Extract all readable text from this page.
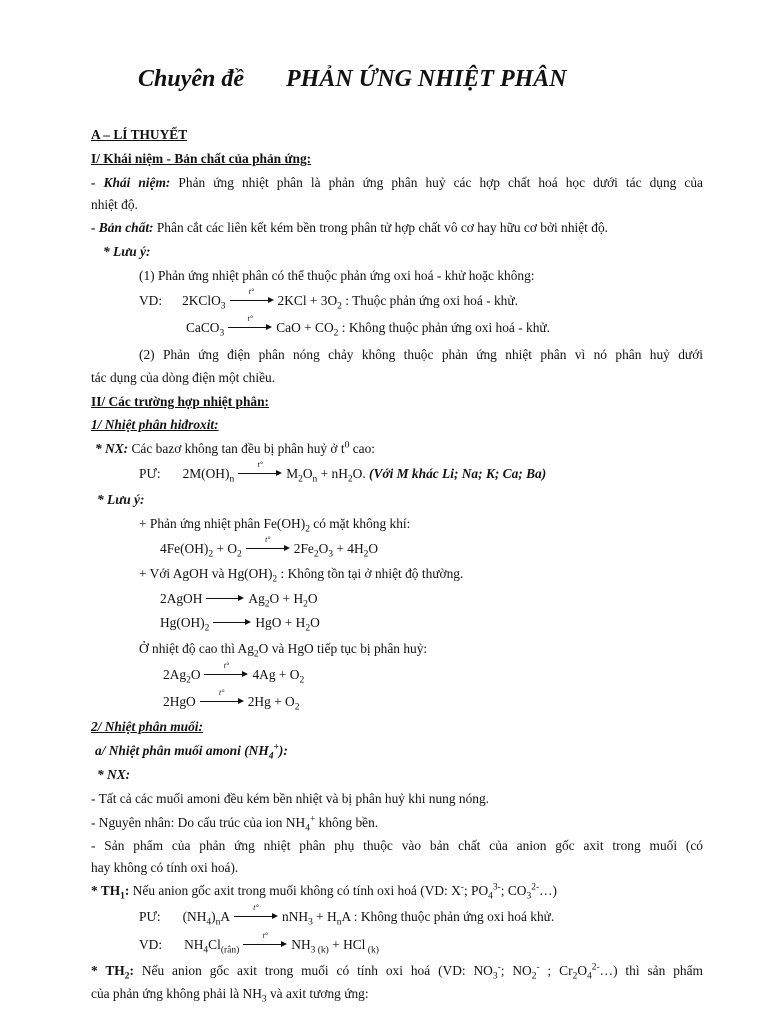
Chuyên đề PHẢN ỨNG NHIỆT PHÂN
A – LÍ THUYẾT
I/ Khái niệm - Bản chất của phản ứng:
- Khái niệm: Phản ứng nhiệt phân là phản ứng phân huỷ các hợp chất hoá học dưới tác dụng của
nhiệt độ.
- Bản chất: Phân cắt các liên kết kém bền trong phân tử hợp chất vô cơ hay hữu cơ bởi nhiệt độ.
* Lưu ý:
(1) Phản ứng nhiệt phân có thể thuộc phản ứng oxi hoá - khử hoặc không:
VD: 2KClO$_3$
t°
$2KCl + 3O_2$ : Thuộc phản ứng oxi hoá - khử.
CaCO$_3$
t°
CaO + $CO_2$ : Không thuộc phản ứng oxi hoá - khử.
(2) Phản ứng điện phân nóng chảy không thuộc phản ứng nhiệt phân vì nó phân huỷ dưới
tác dụng của dòng điện một chiều.
II/ Các trường hợp nhiệt phân:
1/ Nhiệt phân hiđroxit:
* NX: Các bazơ không tan đều bị phân huỷ ở $t^0$ cao:
PƯ: $2M(OH)_n$
t°
$M_2O_n + nH_2O$. (Với M khác Li; Na; K; Ca; Ba)
* Lưu ý:
+ Phản ứng nhiệt phân $Fe(OH)_2$ có mặt không khí:
$4Fe(OH)_2 + O_2$
t°
$2Fe_2O_3 + 4H_2O$
+ Với AgOH và $Hg(OH)_2$ : Không tồn tại ở nhiệt độ thường.
2AgOH	$Ag_2O + H_2O$
$Hg(OH)_2$	HgO + $H_2O$
Ở nhiệt độ cao thì $Ag_2O$ và HgO tiếp tục bị phân huỷ:
$2Ag_2O$
t°
$4Ag + O_2$
2HgO
t°
$2Hg + O_2$
2/ Nhiệt phân muối:
a/ Nhiệt phân muối amoni $(NH_4^+)$:
* NX:
- Tất cả các muối amoni đều kém bền nhiệt và bị phân huỷ khi nung nóng.
- Nguyên nhân: Do cấu trúc của ion $NH_4^+$ không bền.
- Sản phẩm của phản ứng nhiệt phân phụ thuộc vào bản chất của anion gốc axit trong muối (có
hay không có tính oxi hoá).
* $TH_1$: Nếu anion gốc axit trong muối không có tính oxi hoá (VD: X-; $PO_4^{3-}$; $CO_3^{2-}\dots$)
PƯ: $(NH_4)_nA$
t°
$nNH_3 + H_nA$ : Không thuộc phản ứng oxi hoá khử.
VD: $NH_4Cl_{(rắn)}$
t°
$NH_{3 (k)}$ + HCl $_{(k)}$
* $TH_2$: Nếu anion gốc axit trong muối có tính oxi hoá (VD: $NO_3^-$; $NO_2^-$ ; $Cr_2O_4^{2-}\dots$) thì sản phẩm
của phản ứng không phải là $NH_3$ và axit tương ứng:
